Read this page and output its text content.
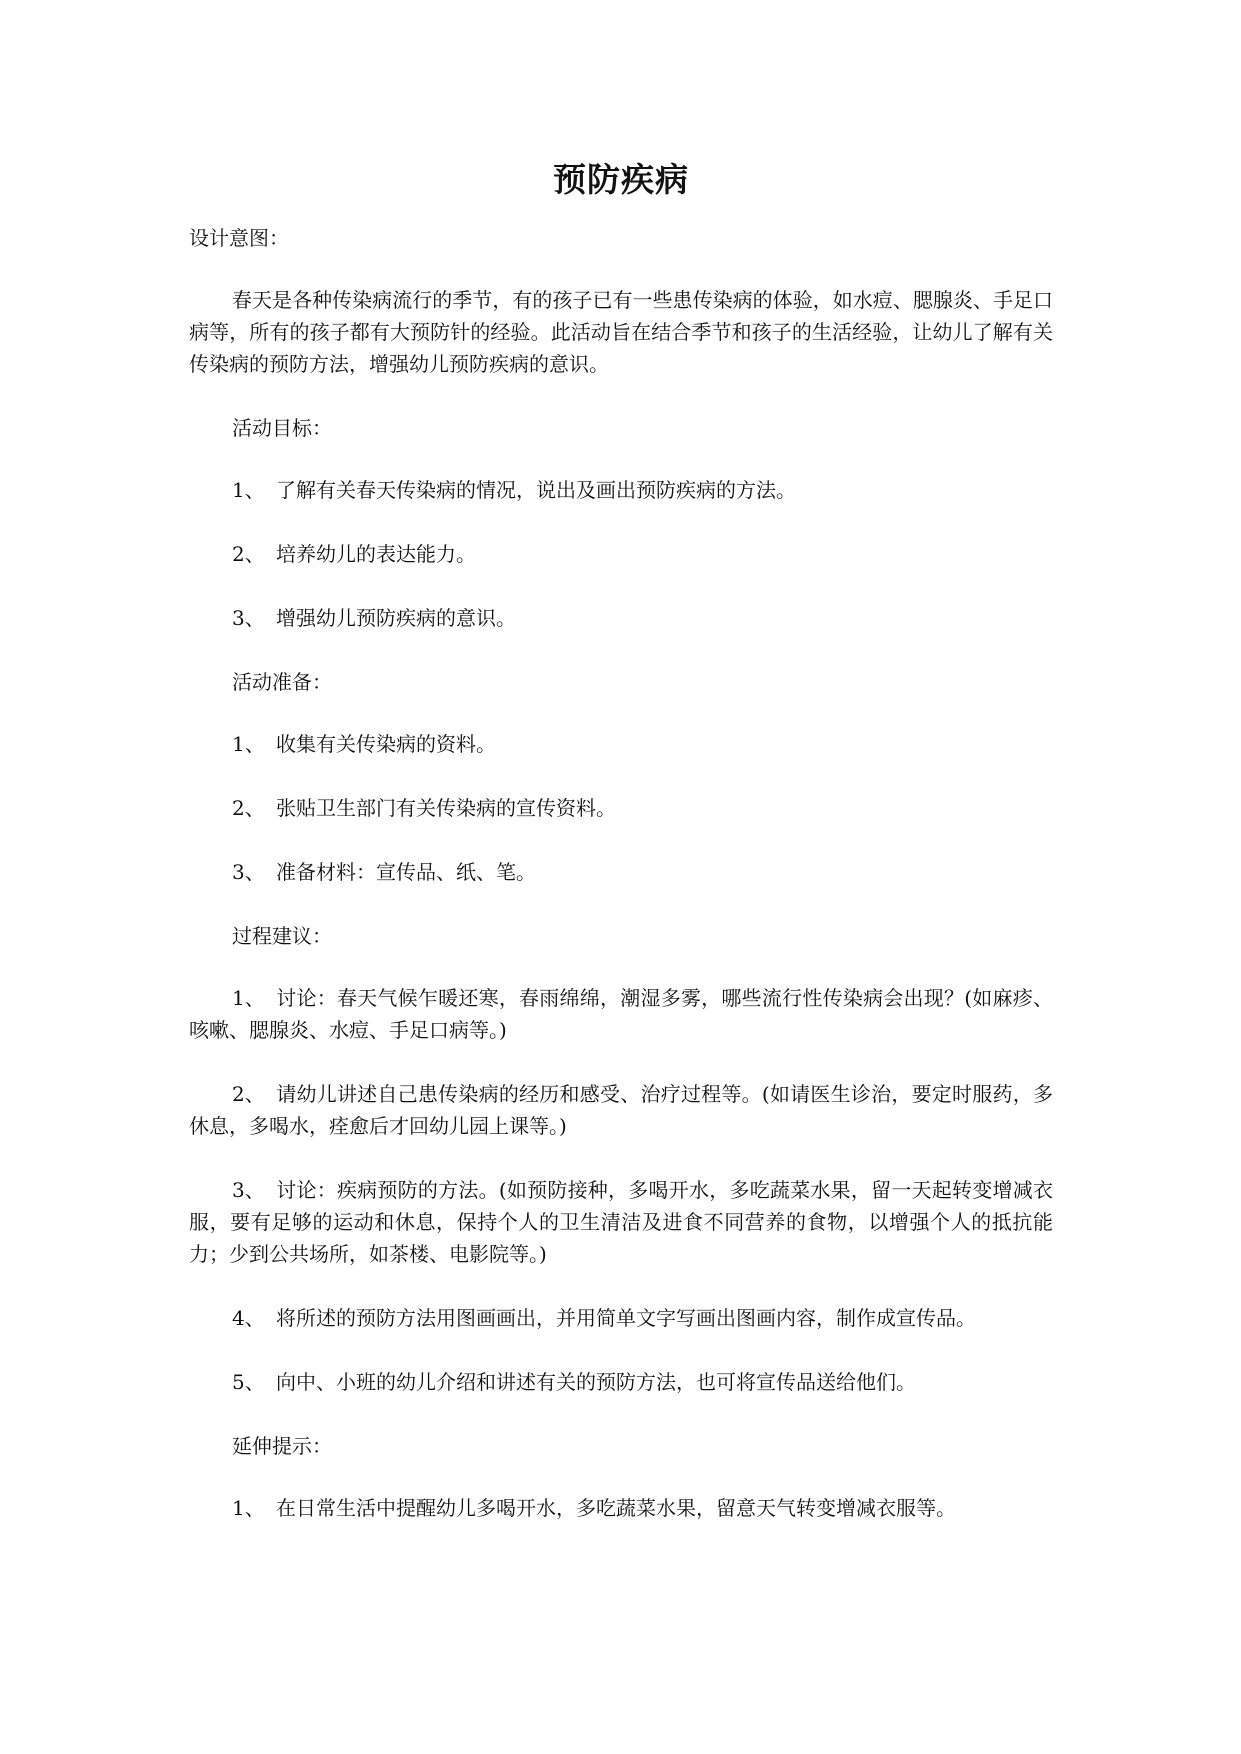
预防疾病
设计意图：
春天是各种传染病流行的季节，有的孩子已有一些患传染病的体验，如水痘、腮腺炎、手足口病等，所有的孩子都有大预防针的经验。此活动旨在结合季节和孩子的生活经验，让幼儿了解有关传染病的预防方法，增强幼儿预防疾病的意识。
活动目标：
1、 了解有关春天传染病的情况，说出及画出预防疾病的方法。
2、 培养幼儿的表达能力。
3、 增强幼儿预防疾病的意识。
活动准备：
1、 收集有关传染病的资料。
2、 张贴卫生部门有关传染病的宣传资料。
3、 准备材料：宣传品、纸、笔。
过程建议：
1、 讨论：春天气候乍暖还寒，春雨绵绵，潮湿多雾，哪些流行性传染病会出现？(如麻疹、咳嗽、腮腺炎、水痘、手足口病等。)
2、 请幼儿讲述自己患传染病的经历和感受、治疗过程等。(如请医生诊治，要定时服药，多休息，多喝水，痊愈后才回幼儿园上课等。)
3、 讨论：疾病预防的方法。(如预防接种，多喝开水，多吃蔬菜水果，留一天起转变增减衣服，要有足够的运动和休息，保持个人的卫生清洁及进食不同营养的食物，以增强个人的抵抗能力；少到公共场所，如茶楼、电影院等。)
4、 将所述的预防方法用图画画出，并用简单文字写画出图画内容，制作成宣传品。
5、 向中、小班的幼儿介绍和讲述有关的预防方法，也可将宣传品送给他们。
延伸提示：
1、 在日常生活中提醒幼儿多喝开水，多吃蔬菜水果，留意天气转变增减衣服等。
